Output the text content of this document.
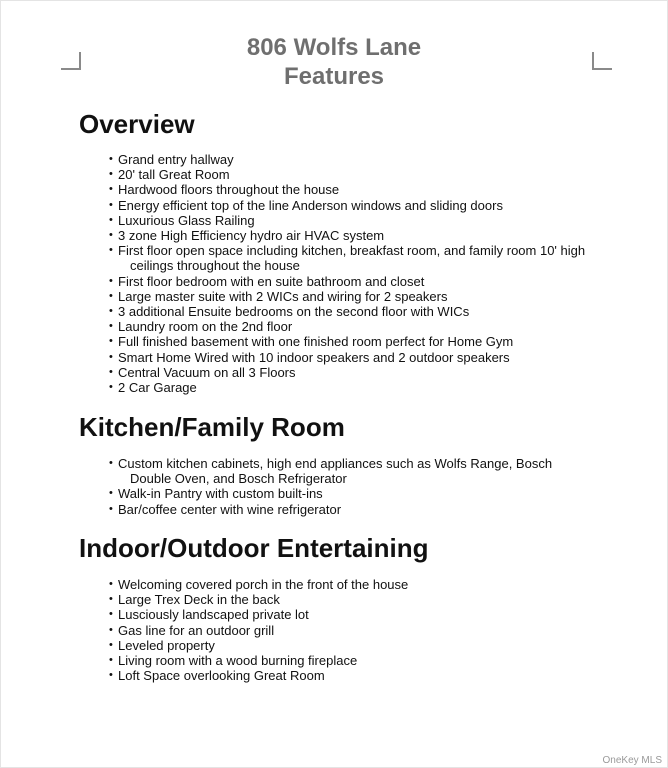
806 Wolfs Lane
Features
Overview
• Grand entry hallway
• 20' tall Great Room
• Hardwood floors throughout the house
• Energy efficient top of the line Anderson windows and sliding doors
• Luxurious Glass Railing
• 3 zone High Efficiency hydro air HVAC system
• First floor open space including kitchen, breakfast room, and family room 10' high
ceilings throughout the house
• First floor bedroom with en suite bathroom and closet
• Large master suite with 2 WICs and wiring for 2 speakers
• 3 additional Ensuite bedrooms on the second floor with WICs
• Laundry room on the 2nd floor
• Full finished basement with one finished room perfect for Home Gym
• Smart Home Wired with 10 indoor speakers and 2 outdoor speakers
• Central Vacuum on all 3 Floors
• 2 Car Garage
Kitchen/Family Room
• Custom kitchen cabinets, high end appliances such as Wolfs Range, Bosch
Double Oven, and Bosch Refrigerator
• Walk-in Pantry with custom built-ins
• Bar/coffee center with wine refrigerator
Indoor/Outdoor Entertaining
• Welcoming covered porch in the front of the house
• Large Trex Deck in the back
• Lusciously landscaped private lot
• Gas line for an outdoor grill
• Leveled property
• Living room with a wood burning fireplace
• Loft Space overlooking Great Room
OneKey MLS
